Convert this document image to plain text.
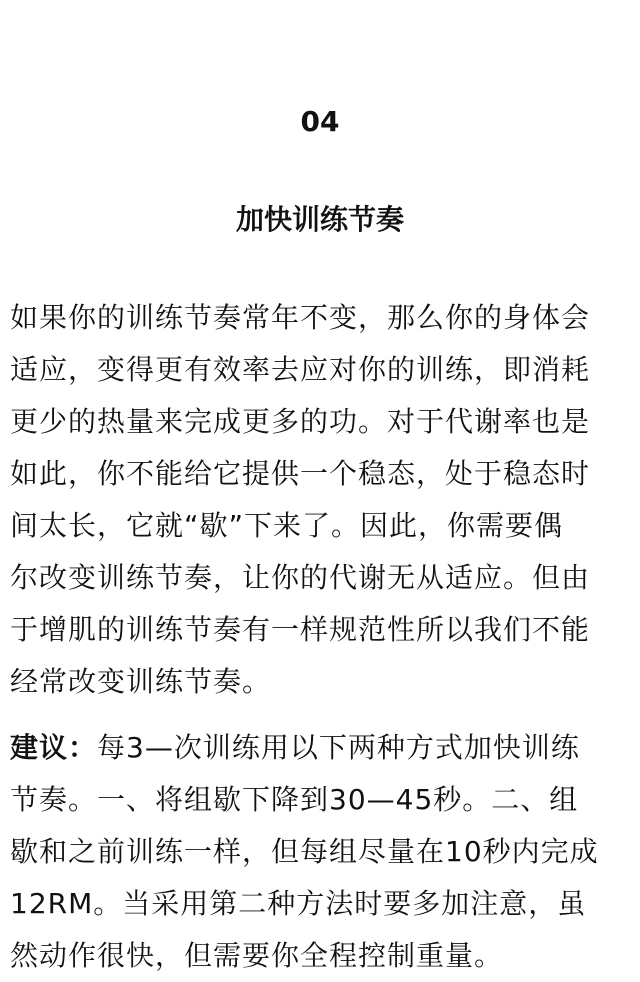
04
加快训练节奏

如果你的训练节奏常年不变，那么你的身体会
适应，变得更有效率去应对你的训练，即消耗
更少的热量来完成更多的功。对于代谢率也是
如此，你不能给它提供一个稳态，处于稳态时
间太长，它就“歇”下来了。因此，你需要偶
尔改变训练节奏，让你的代谢无从适应。但由
于增肌的训练节奏有一样规范性所以我们不能
经常改变训练节奏。

建议：每3—次训练用以下两种方式加快训练
节奏。一、将组歇下降到30—45秒。二、组
歇和之前训练一样，但每组尽量在10秒内完成
12RM。当采用第二种方法时要多加注意，虽
然动作很快，但需要你全程控制重量。
